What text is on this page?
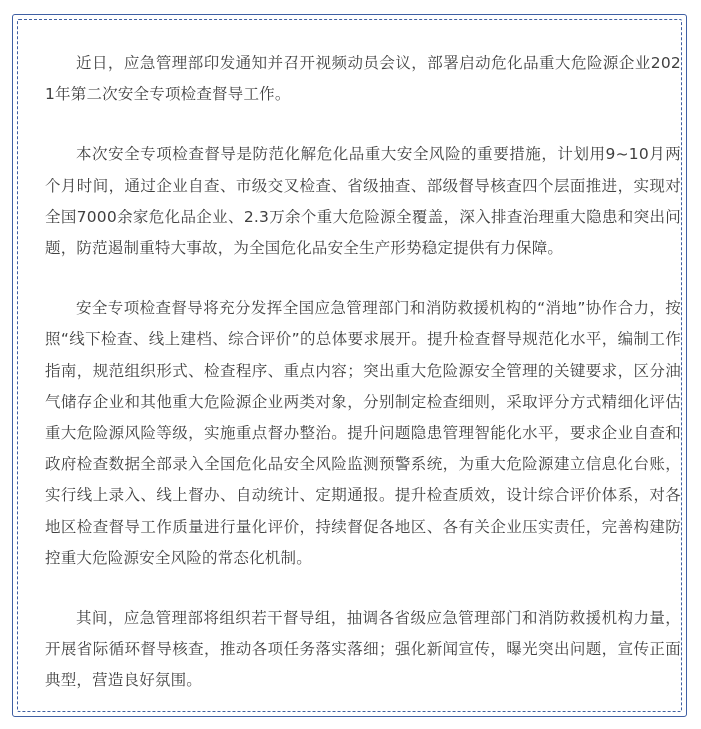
近日，应急管理部印发通知并召开视频动员会议，部署启动危化品重大危险源企业2021年第二次安全专项检查督导工作。

本次安全专项检查督导是防范化解危化品重大安全风险的重要措施，计划用9~10月两个月时间，通过企业自查、市级交叉检查、省级抽查、部级督导核查四个层面推进，实现对全国7000余家危化品企业、2.3万余个重大危险源全覆盖，深入排查治理重大隐患和突出问题，防范遏制重特大事故，为全国危化品安全生产形势稳定提供有力保障。

安全专项检查督导将充分发挥全国应急管理部门和消防救援机构的“消地”协作合力，按照“线下检查、线上建档、综合评价”的总体要求展开。提升检查督导规范化水平，编制工作指南，规范组织形式、检查程序、重点内容；突出重大危险源安全管理的关键要求，区分油气储存企业和其他重大危险源企业两类对象，分别制定检查细则，采取评分方式精细化评估重大危险源风险等级，实施重点督办整治。提升问题隐患管理智能化水平，要求企业自查和政府检查数据全部录入全国危化品安全风险监测预警系统，为重大危险源建立信息化台账，实行线上录入、线上督办、自动统计、定期通报。提升检查质效，设计综合评价体系，对各地区检查督导工作质量进行量化评价，持续督促各地区、各有关企业压实责任，完善构建防控重大危险源安全风险的常态化机制。

其间，应急管理部将组织若干督导组，抽调各省级应急管理部门和消防救援机构力量，开展省际循环督导核查，推动各项任务落实落细；强化新闻宣传，曝光突出问题，宣传正面典型，营造良好氛围。
